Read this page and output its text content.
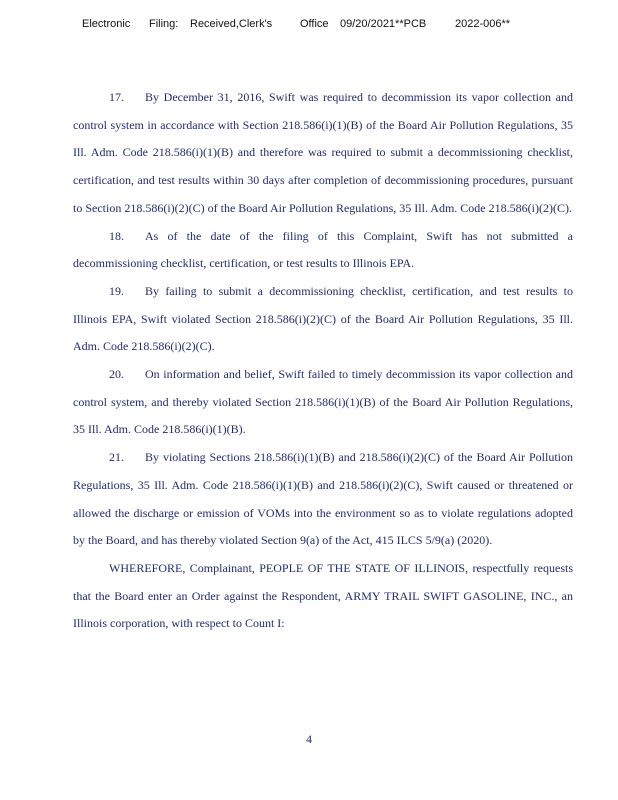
Electronic Filing: Received,Clerk's	Office 09/20/2021**PCB	2022-006**

17. By December 31, 2016, Swift was required to decommission its vapor collection and control system in accordance with Section 218.586(i)(1)(B) of the Board Air Pollution Regulations, 35 Ill. Adm. Code 218.586(i)(1)(B) and therefore was required to submit a decommissioning checklist, certification, and test results within 30 days after completion of decommissioning procedures, pursuant to Section 218.586(i)(2)(C) of the Board Air Pollution Regulations, 35 Ill. Adm. Code 218.586(i)(2)(C).

18. As of the date of the filing of this Complaint, Swift has not submitted a decommissioning checklist, certification, or test results to Illinois EPA.

19. By failing to submit a decommissioning checklist, certification, and test results to Illinois EPA, Swift violated Section 218.586(i)(2)(C) of the Board Air Pollution Regulations, 35 Ill. Adm. Code 218.586(i)(2)(C).

20. On information and belief, Swift failed to timely decommission its vapor collection and control system, and thereby violated Section 218.586(i)(1)(B) of the Board Air Pollution Regulations, 35 Ill. Adm. Code 218.586(i)(1)(B).

21. By violating Sections 218.586(i)(1)(B) and 218.586(i)(2)(C) of the Board Air Pollution Regulations, 35 Ill. Adm. Code 218.586(i)(1)(B) and 218.586(i)(2)(C), Swift caused or threatened or allowed the discharge or emission of VOMs into the environment so as to violate regulations adopted by the Board, and has thereby violated Section 9(a) of the Act, 415 ILCS 5/9(a) (2020).

WHEREFORE, Complainant, PEOPLE OF THE STATE OF ILLINOIS, respectfully requests that the Board enter an Order against the Respondent, ARMY TRAIL SWIFT GASOLINE, INC., an Illinois corporation, with respect to Count I:

4
